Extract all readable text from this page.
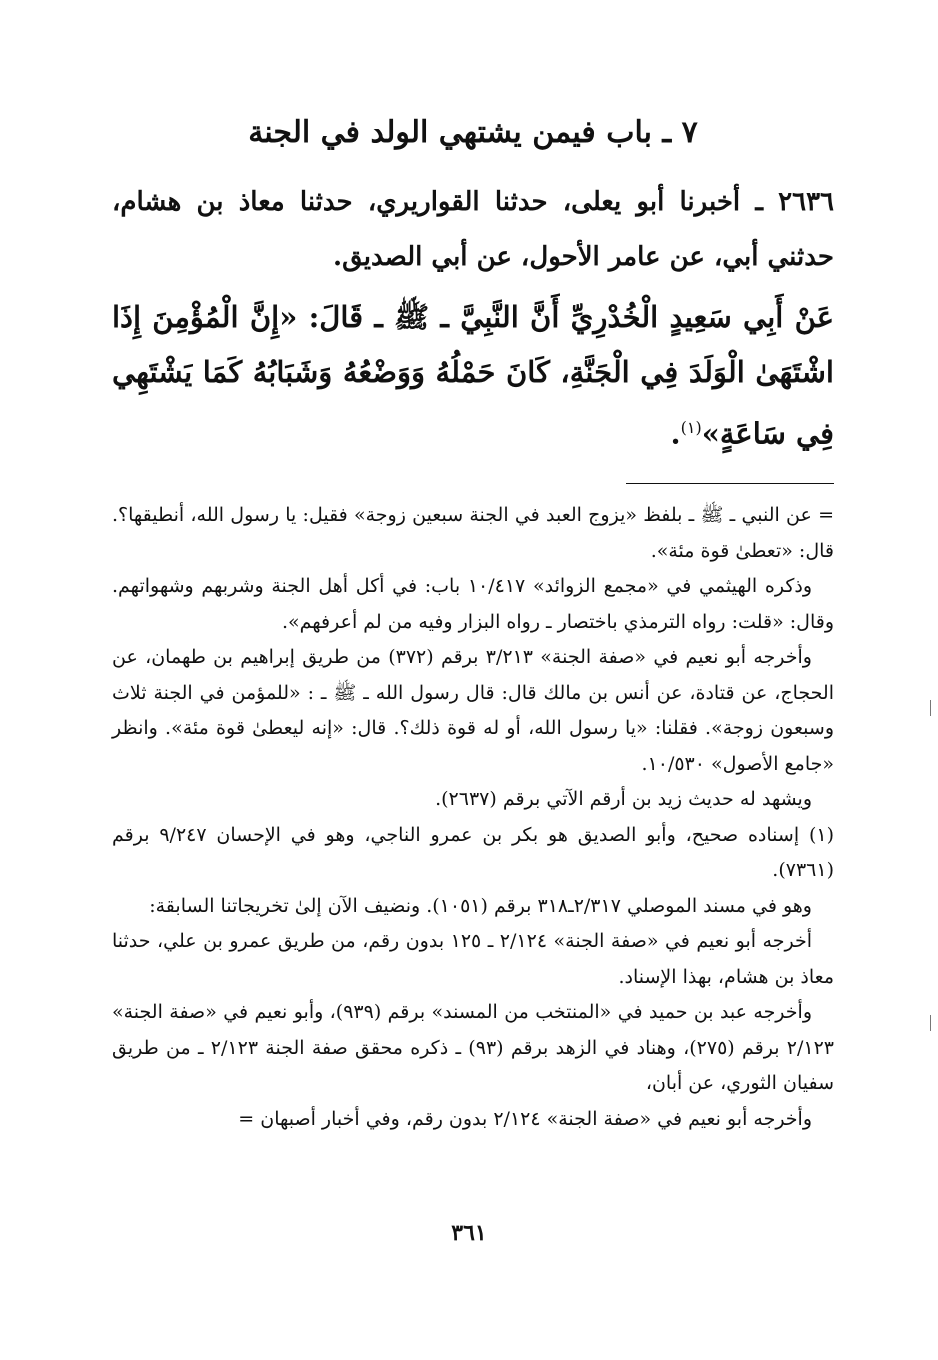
٧ ـ باب فيمن يشتهي الولد في الجنة

٢٦٣٦ ـ أخبرنا أبو يعلى، حدثنا القواريري، حدثنا معاذ بن هشام، حدثني أبي، عن عامر الأحول، عن أبي الصديق.

عَنْ أَبِي سَعِيدٍ الْخُدْرِيِّ أَنَّ النَّبِيَّ ـ ﷺ ـ قَالَ: «إِنَّ الْمُؤْمِنَ إِذَا اشْتَهَىٰ الْوَلَدَ فِي الْجَنَّةِ، كَانَ حَمْلُهُ وَوَضْعُهُ وَشَبَابُهُ كَمَا يَشْتَهِي فِي سَاعَةٍ»$^{(١)}$.

= عن النبي ـ ﷺ ـ بلفظ «يزوج العبد في الجنة سبعين زوجة» فقيل: يا رسول الله، أنطيقها؟. قال: «تعطىٰ قوة مئة».

وذكره الهيثمي في «مجمع الزوائد» ١٠/٤١٧ باب: في أكل أهل الجنة وشربهم وشهواتهم. وقال: «قلت: رواه الترمذي باختصار ـ رواه البزار وفيه من لم أعرفهم».

وأخرجه أبو نعيم في «صفة الجنة» ٣/٢١٣ برقم (٣٧٢) من طريق إبراهيم بن طهمان، عن الحجاج، عن قتادة، عن أنس بن مالك قال: قال رسول الله ـ ﷺ ـ : «للمؤمن في الجنة ثلاث وسبعون زوجة». فقلنا: «يا رسول الله، أو له قوة ذلك؟. قال: «إنه ليعطىٰ قوة مئة». وانظر «جامع الأصول» ١٠/٥٣٠.

ويشهد له حديث زيد بن أرقم الآتي برقم (٢٦٣٧).

(١) إسناده صحيح، وأبو الصديق هو بكر بن عمرو الناجي، وهو في الإحسان ٩/٢٤٧ برقم (٧٣٦١).

وهو في مسند الموصلي ٢/٣١٧ـ٣١٨ برقم (١٠٥١). ونضيف الآن إلىٰ تخريجاتنا السابقة:

أخرجه أبو نعيم في «صفة الجنة» ٢/١٢٤ ـ ١٢٥ بدون رقم، من طريق عمرو بن علي، حدثنا معاذ بن هشام، بهذا الإسناد.

وأخرجه عبد بن حميد في «المنتخب من المسند» برقم (٩٣٩)، وأبو نعيم في «صفة الجنة» ٢/١٢٣ برقم (٢٧٥)، وهناد في الزهد برقم (٩٣) ـ ذكره محقق صفة الجنة ٢/١٢٣ ـ من طريق سفيان الثوري، عن أبان،

وأخرجه أبو نعيم في «صفة الجنة» ٢/١٢٤ بدون رقم، وفي أخبار أصبهان =

٣٦١
